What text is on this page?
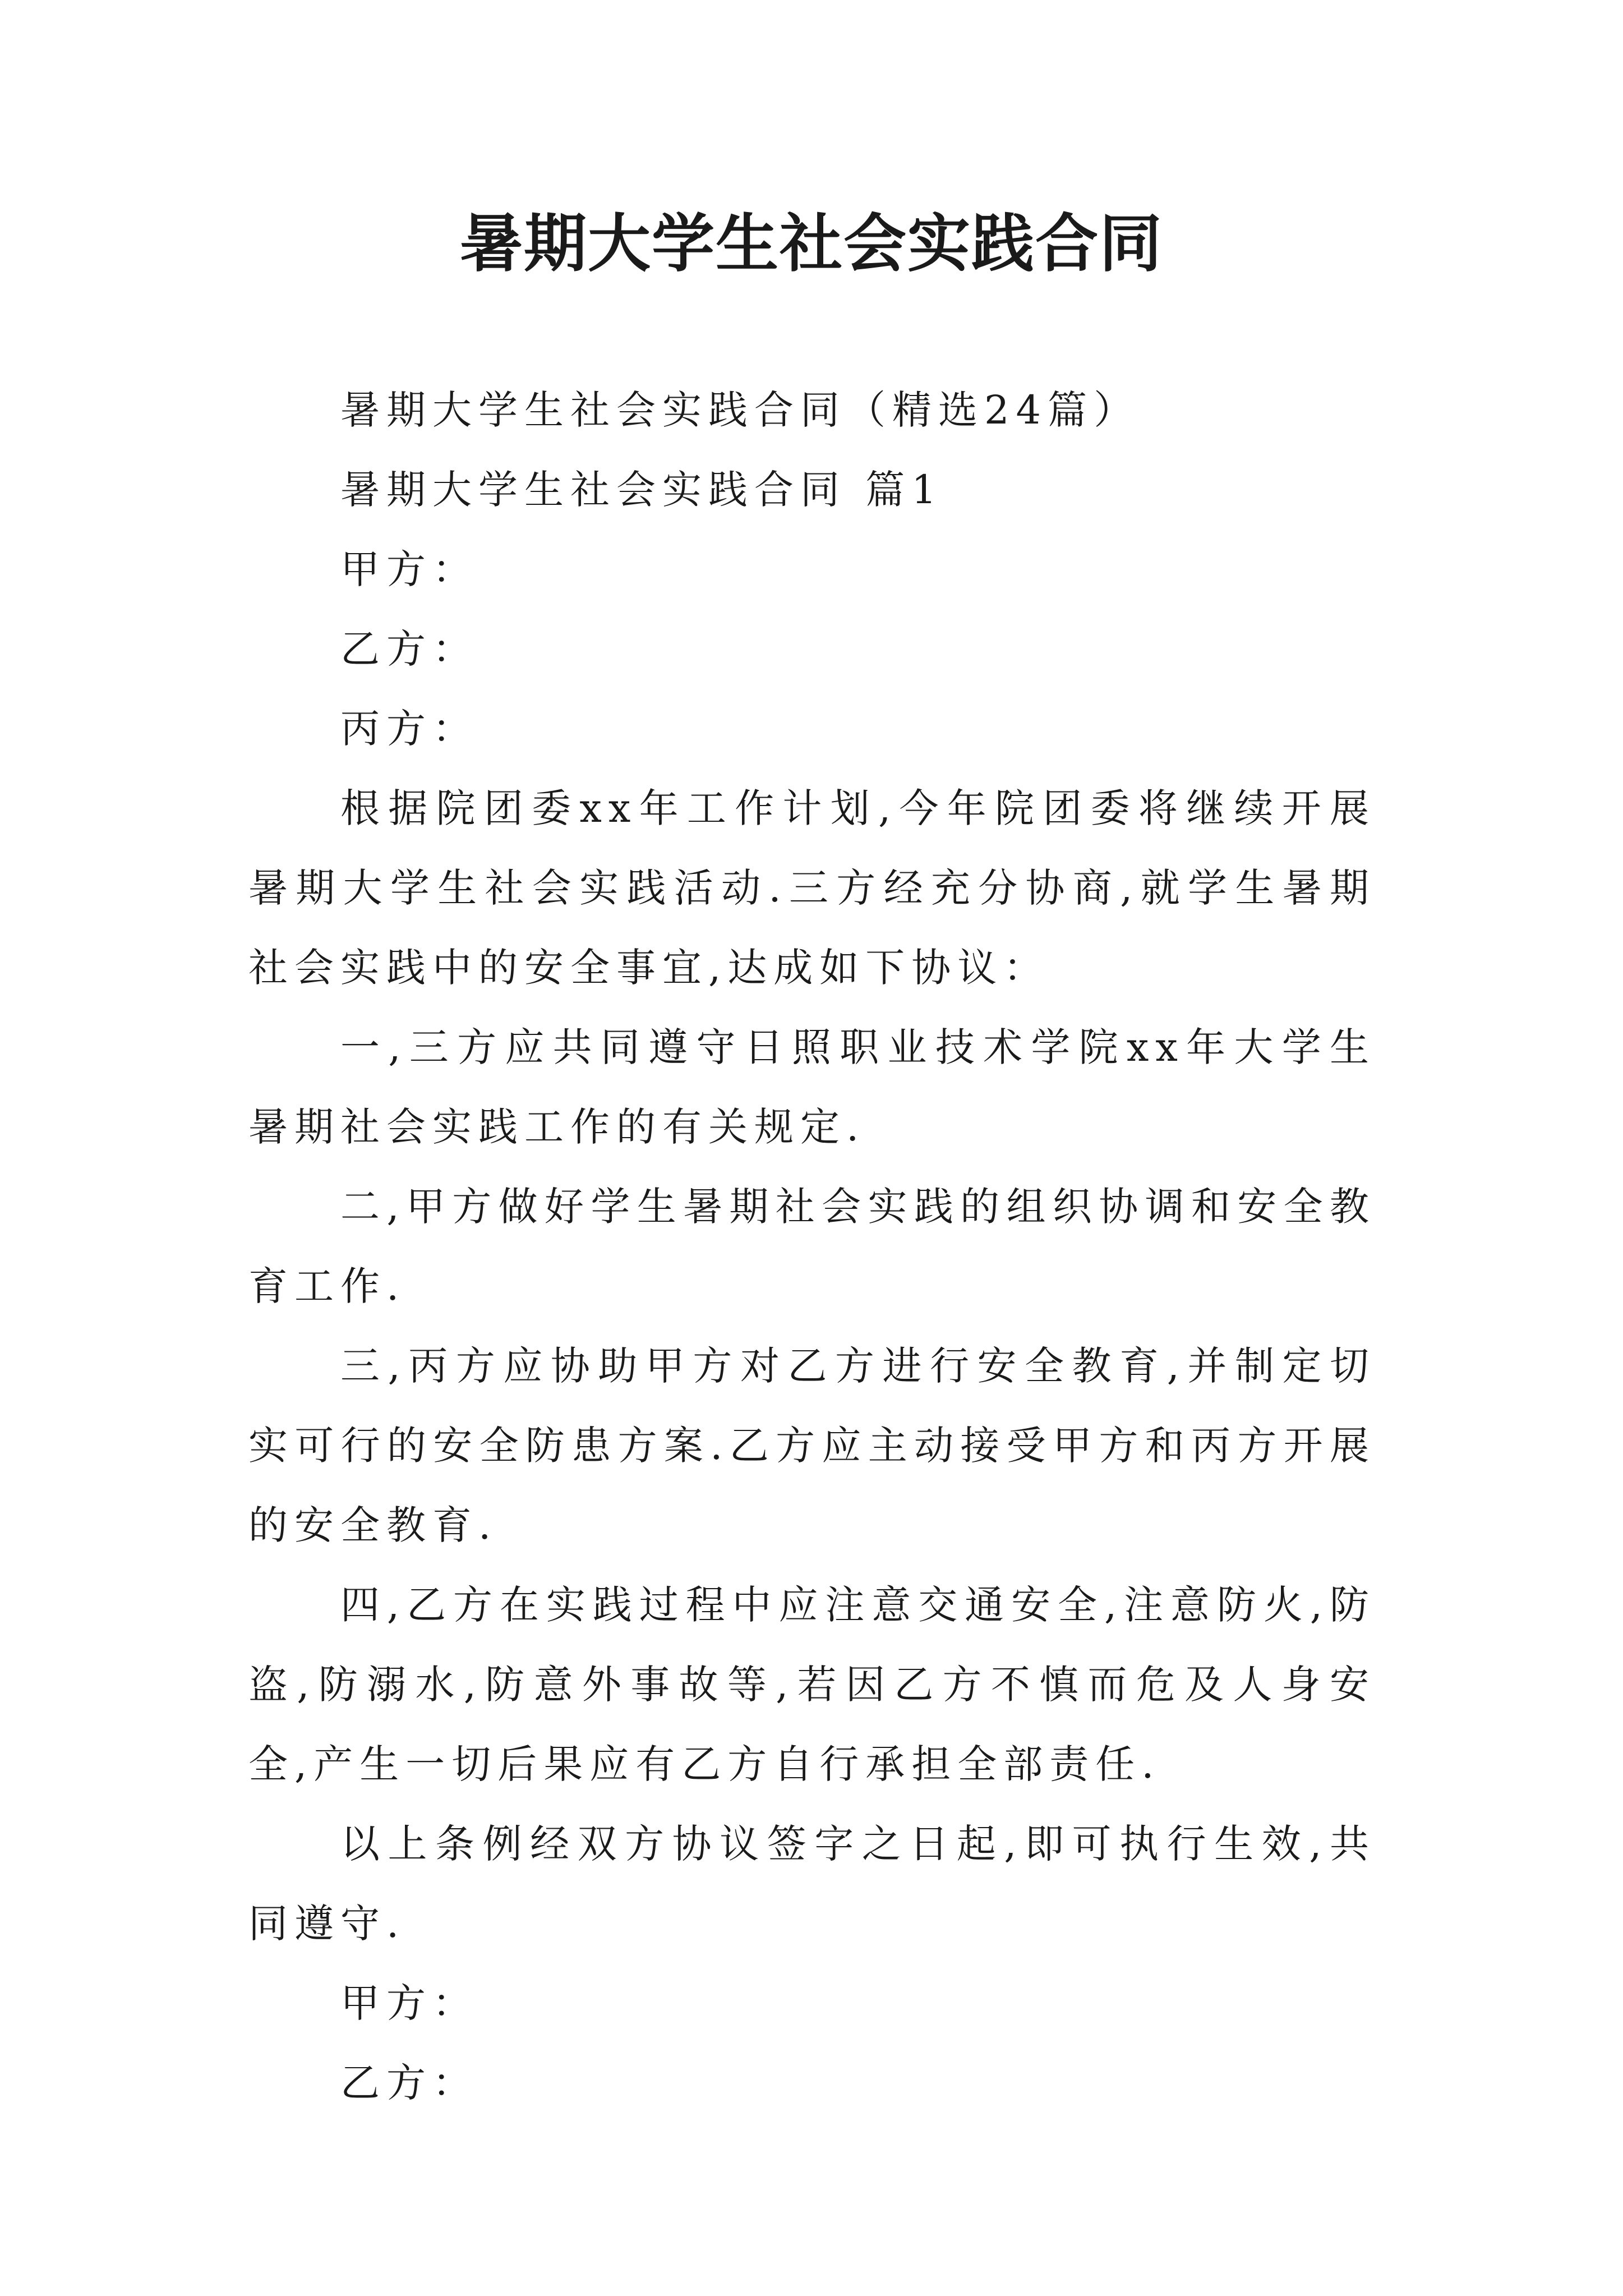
暑期大学生社会实践合同

暑期大学生社会实践合同（精选24篇）

暑期大学生社会实践合同 篇1

甲方：

乙方：

丙方：

根据院团委xx年工作计划,今年院团委将继续开展暑期大学生社会实践活动.三方经充分协商,就学生暑期社会实践中的安全事宜,达成如下协议：

一,三方应共同遵守日照职业技术学院xx年大学生暑期社会实践工作的有关规定.

二,甲方做好学生暑期社会实践的组织协调和安全教育工作.

三,丙方应协助甲方对乙方进行安全教育,并制定切实可行的安全防患方案.乙方应主动接受甲方和丙方开展的安全教育.

四,乙方在实践过程中应注意交通安全,注意防火,防盗,防溺水,防意外事故等,若因乙方不慎而危及人身安全,产生一切后果应有乙方自行承担全部责任.

以上条例经双方协议签字之日起,即可执行生效,共同遵守.

甲方：

乙方：
